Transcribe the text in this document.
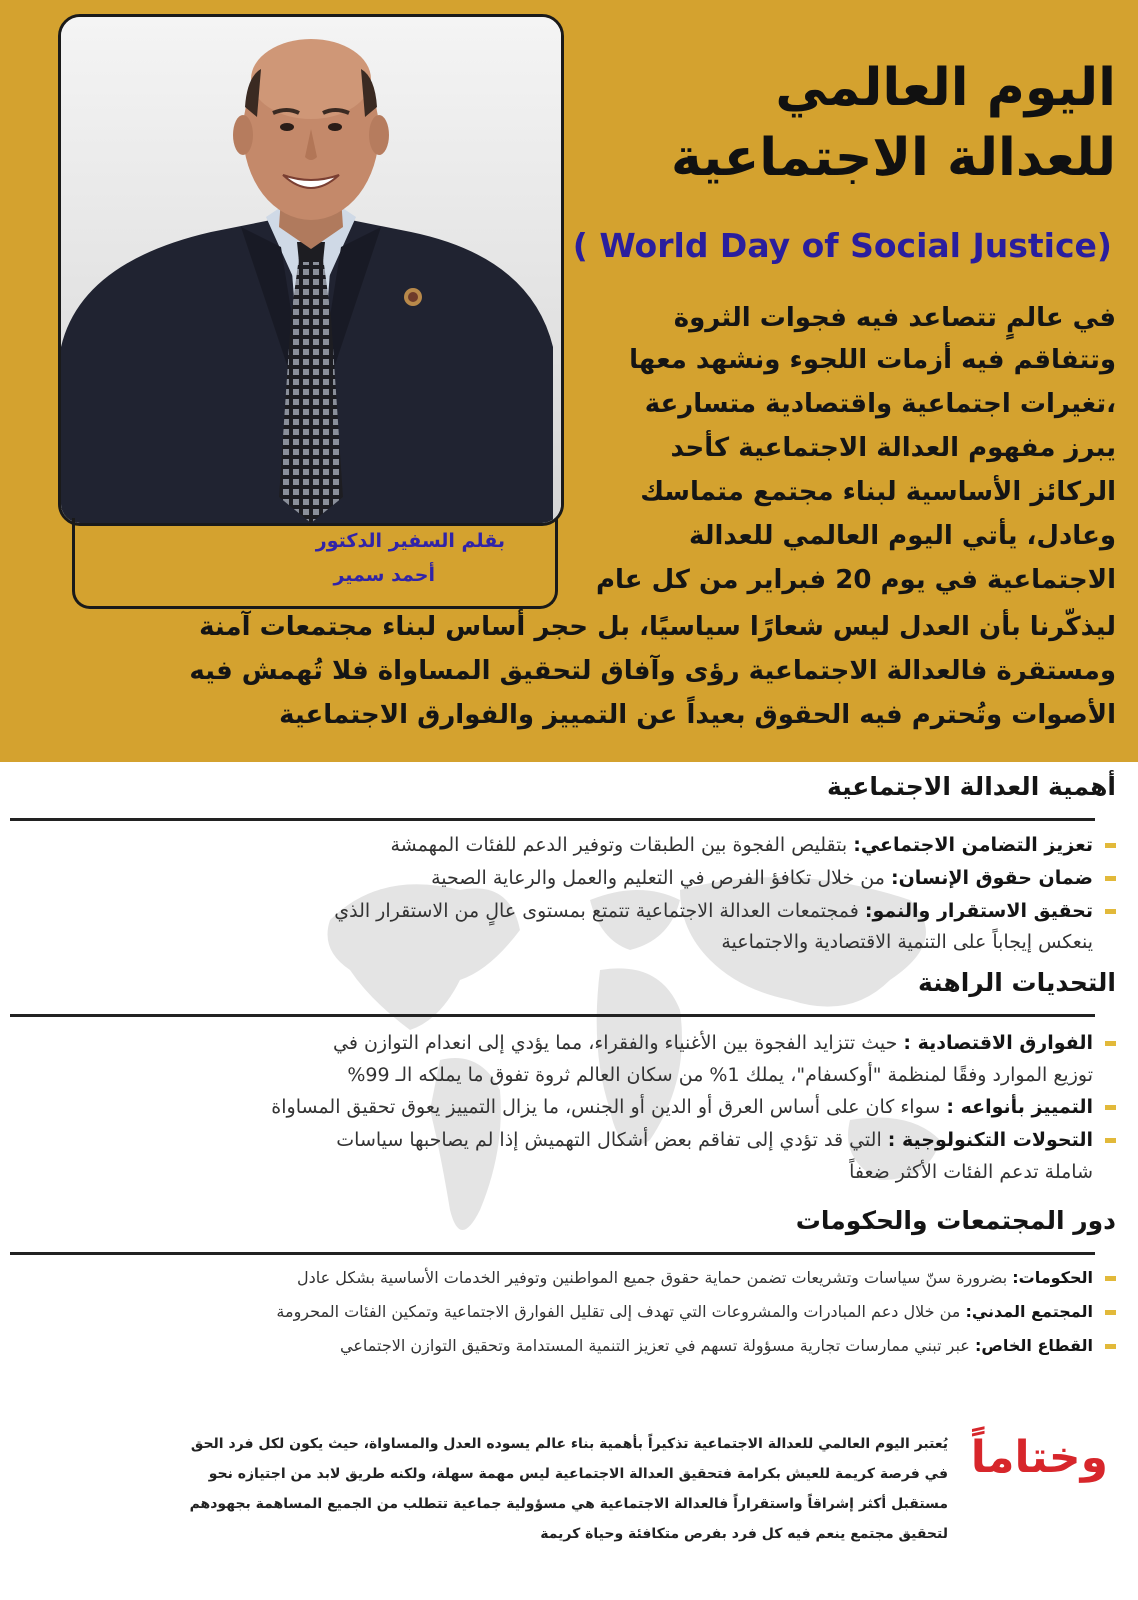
بقلم السفير الدكتور
أحمد سمير
اليوم العالمي
للعدالة الاجتماعية
( World Day of Social Justice)
في عالمٍ تتصاعد فيه فجوات الثروة
وتتفاقم فيه أزمات اللجوء ونشهد معها
،تغيرات اجتماعية واقتصادية متسارعة
يبرز مفهوم العدالة الاجتماعية كأحد
الركائز الأساسية لبناء مجتمع متماسك
وعادل، يأتي اليوم العالمي للعدالة
الاجتماعية في يوم 20 فبراير من كل عام
ليذكّرنا بأن العدل ليس شعارًا سياسيًا، بل حجر أساس لبناء مجتمعات آمنة
ومستقرة فالعدالة الاجتماعية رؤى وآفاق لتحقيق المساواة فلا تُهمش فيه
الأصوات وتُحترم فيه الحقوق بعيداً عن التمييز والفوارق الاجتماعية
أهمية العدالة الاجتماعية
تعزيز التضامن الاجتماعي: بتقليص الفجوة بين الطبقات وتوفير الدعم للفئات المهمشة
ضمان حقوق الإنسان: من خلال تكافؤ الفرص في التعليم والعمل والرعاية الصحية
تحقيق الاستقرار والنمو: فمجتمعات العدالة الاجتماعية تتمتع بمستوى عالٍ من الاستقرار الذي
ينعكس إيجاباً على التنمية الاقتصادية والاجتماعية
التحديات الراهنة
الفوارق الاقتصادية : حيث تتزايد الفجوة بين الأغنياء والفقراء، مما يؤدي إلى انعدام التوازن في
توزيع الموارد وفقًا لمنظمة "أوكسفام"، يملك 1% من سكان العالم ثروة تفوق ما يملكه الـ 99%
التمييز بأنواعه : سواء كان على أساس العرق أو الدين أو الجنس، ما يزال التمييز يعوق تحقيق المساواة
التحولات التكنولوجية : التي قد تؤدي إلى تفاقم بعض أشكال التهميش إذا لم يصاحبها سياسات
شاملة تدعم الفئات الأكثر ضعفاً
دور المجتمعات والحكومات
الحكومات: بضرورة سنّ سياسات وتشريعات تضمن حماية حقوق جميع المواطنين وتوفير الخدمات الأساسية بشكل عادل
المجتمع المدني: من خلال دعم المبادرات والمشروعات التي تهدف إلى تقليل الفوارق الاجتماعية وتمكين الفئات المحرومة
القطاع الخاص: عبر تبني ممارسات تجارية مسؤولة تسهم في تعزيز التنمية المستدامة وتحقيق التوازن الاجتماعي
وختاماً
يُعتبر اليوم العالمي للعدالة الاجتماعية تذكيراً بأهمية بناء عالم يسوده العدل والمساواة، حيث يكون لكل فرد الحق
في فرصة كريمة للعيش بكرامة فتحقيق العدالة الاجتماعية ليس مهمة سهلة، ولكنه طريق لابد من اجتيازه نحو
مستقبل أكثر إشراقاً واستقراراً فالعدالة الاجتماعية هي مسؤولية جماعية تتطلب من الجميع المساهمة بجهودهم
لتحقيق مجتمع ينعم فيه كل فرد بفرص متكافئة وحياة كريمة
